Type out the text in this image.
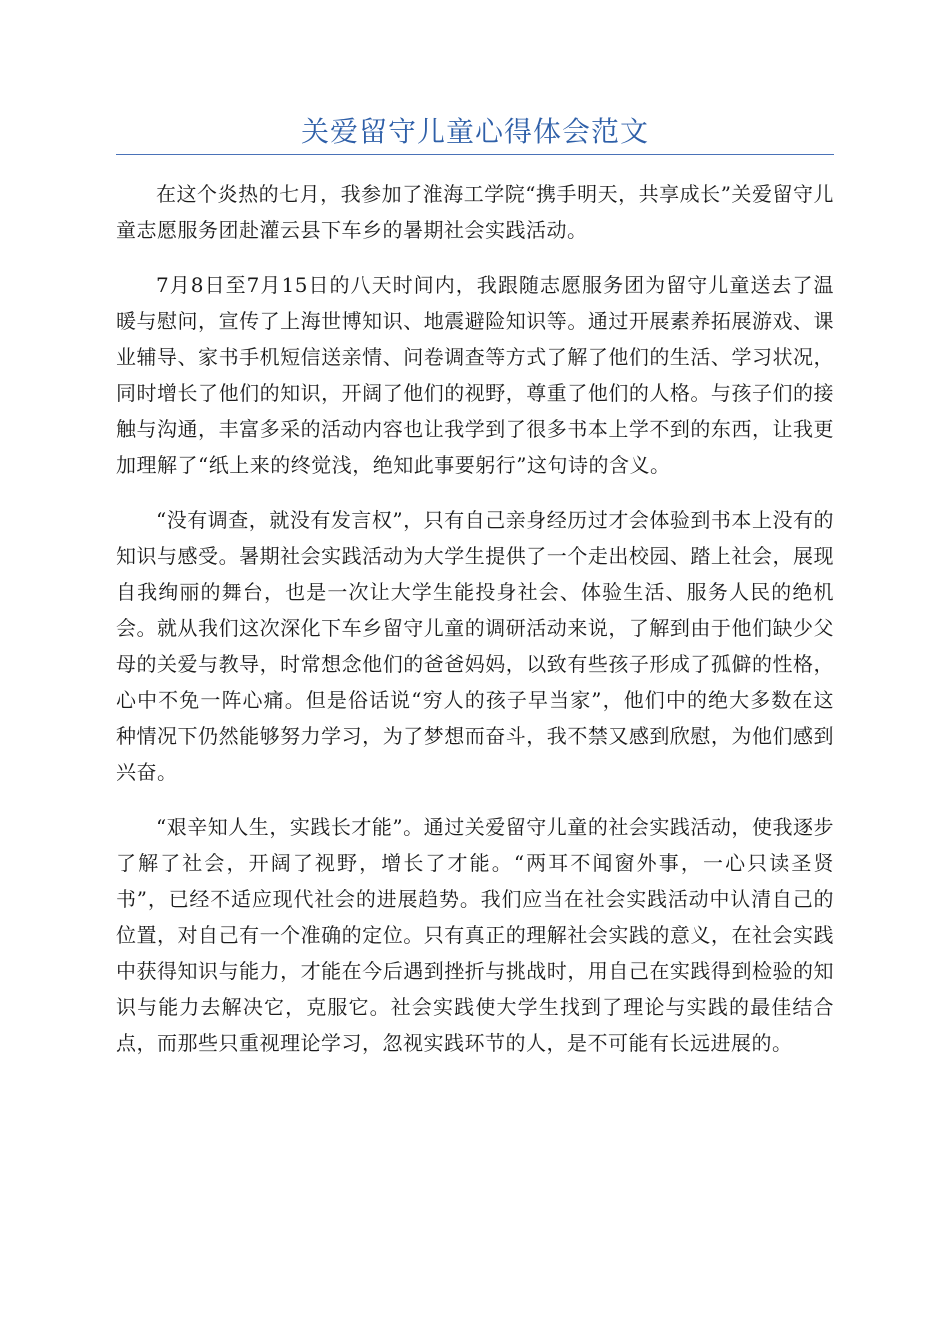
关爱留守儿童心得体会范文

在这个炎热的七月，我参加了淮海工学院“携手明天，共享成长”关爱留守儿童志愿服务团赴灌云县下车乡的暑期社会实践活动。

7月8日至7月15日的八天时间内，我跟随志愿服务团为留守儿童送去了温暖与慰问，宣传了上海世博知识、地震避险知识等。通过开展素养拓展游戏、课业辅导、家书手机短信送亲情、问卷调查等方式了解了他们的生活、学习状况，同时增长了他们的知识，开阔了他们的视野，尊重了他们的人格。与孩子们的接触与沟通，丰富多采的活动内容也让我学到了很多书本上学不到的东西，让我更加理解了“纸上来的终觉浅，绝知此事要躬行”这句诗的含义。

“没有调查，就没有发言权”，只有自己亲身经历过才会体验到书本上没有的知识与感受。暑期社会实践活动为大学生提供了一个走出校园、踏上社会，展现自我绚丽的舞台，也是一次让大学生能投身社会、体验生活、服务人民的绝机会。就从我们这次深化下车乡留守儿童的调研活动来说，了解到由于他们缺少父母的关爱与教导，时常想念他们的爸爸妈妈，以致有些孩子形成了孤僻的性格，心中不免一阵心痛。但是俗话说“穷人的孩子早当家”，他们中的绝大多数在这种情况下仍然能够努力学习，为了梦想而奋斗，我不禁又感到欣慰，为他们感到兴奋。

“艰辛知人生，实践长才能”。通过关爱留守儿童的社会实践活动，使我逐步了解了社会，开阔了视野，增长了才能。“两耳不闻窗外事，一心只读圣贤书”，已经不适应现代社会的进展趋势。我们应当在社会实践活动中认清自己的位置，对自己有一个准确的定位。只有真正的理解社会实践的意义，在社会实践中获得知识与能力，才能在今后遇到挫折与挑战时，用自己在实践得到检验的知识与能力去解决它，克服它。社会实践使大学生找到了理论与实践的最佳结合点，而那些只重视理论学习，忽视实践环节的人，是不可能有长远进展的。
